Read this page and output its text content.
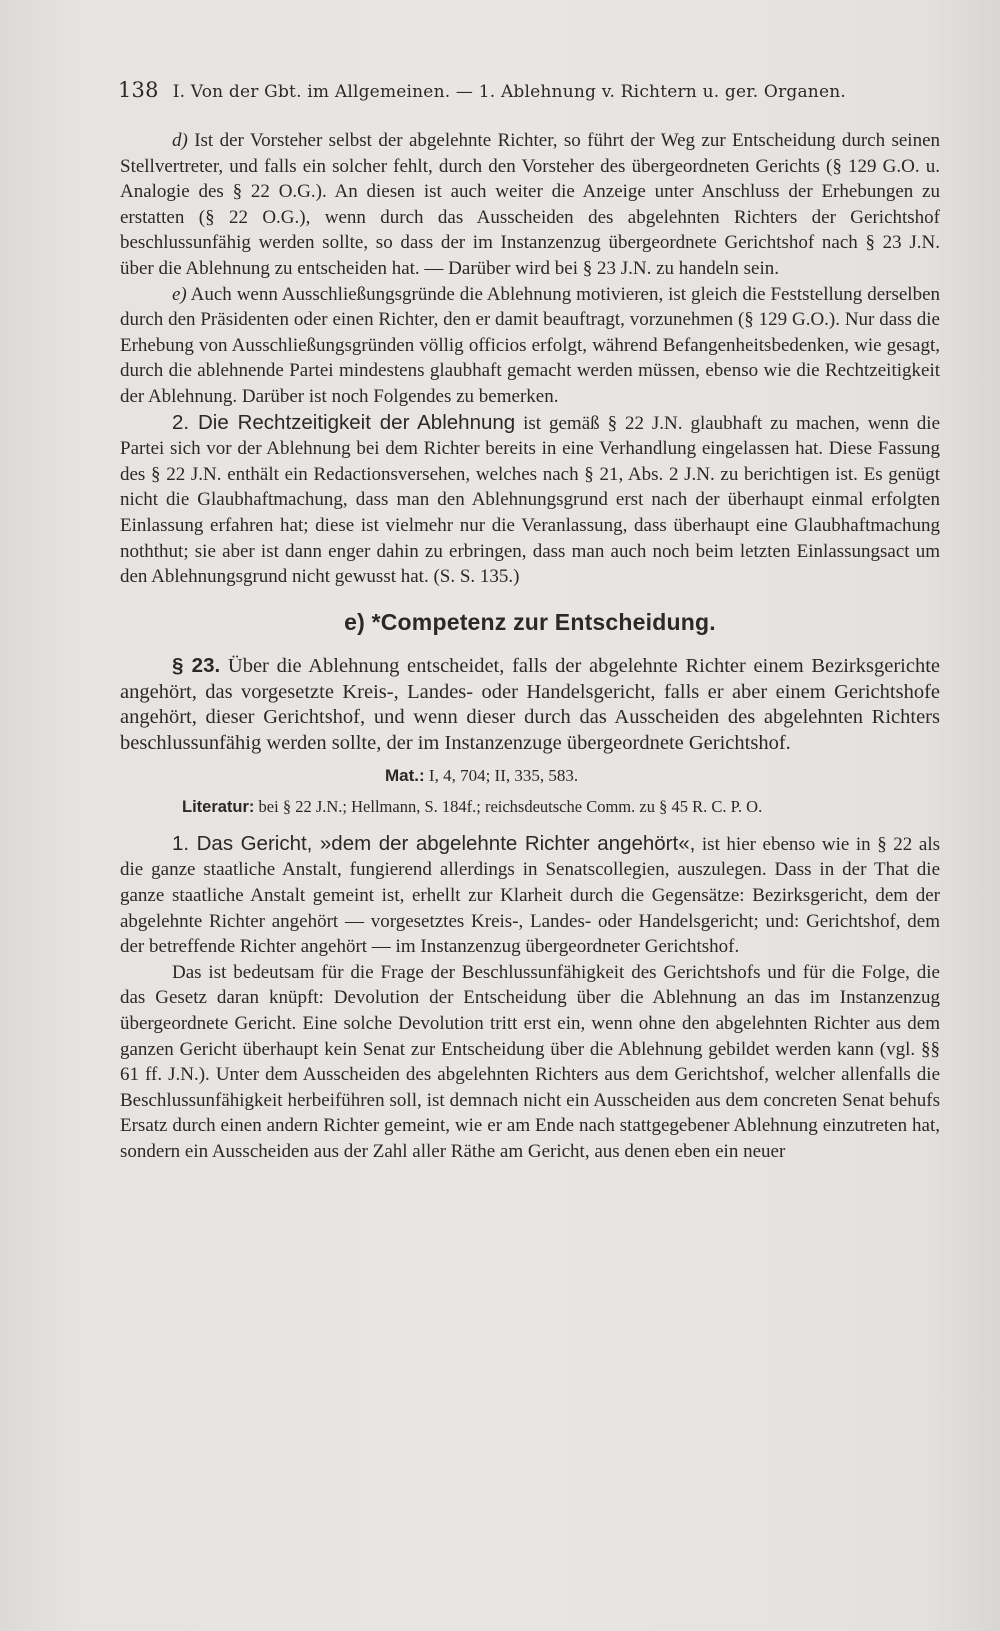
138 I. Von der Gbt. im Allgemeinen. — 1. Ablehnung v. Richtern u. ger. Organen.

d) Ist der Vorsteher selbst der abgelehnte Richter, so führt der Weg zur Entscheidung durch seinen Stellvertreter, und falls ein solcher fehlt, durch den Vorsteher des übergeordneten Gerichts (§ 129 G.O. u. Analogie des § 22 O.G.). An diesen ist auch weiter die Anzeige unter Anschluss der Erhebungen zu erstatten (§ 22 O.G.), wenn durch das Ausscheiden des abgelehnten Richters der Gerichtshof beschlussunfähig werden sollte, so dass der im Instanzenzug übergeordnete Gerichtshof nach § 23 J.N. über die Ablehnung zu entscheiden hat. — Darüber wird bei § 23 J.N. zu handeln sein.

e) Auch wenn Ausschließungsgründe die Ablehnung motivieren, ist gleich die Feststellung derselben durch den Präsidenten oder einen Richter, den er damit beauftragt, vorzunehmen (§ 129 G.O.). Nur dass die Erhebung von Ausschließungsgründen völlig officios erfolgt, während Befangenheitsbedenken, wie gesagt, durch die ablehnende Partei mindestens glaubhaft gemacht werden müssen, ebenso wie die Rechtzeitigkeit der Ablehnung. Darüber ist noch Folgendes zu bemerken.

2. Die Rechtzeitigkeit der Ablehnung ist gemäß § 22 J.N. glaubhaft zu machen, wenn die Partei sich vor der Ablehnung bei dem Richter bereits in eine Verhandlung eingelassen hat. Diese Fassung des § 22 J.N. enthält ein Redactionsversehen, welches nach § 21, Abs. 2 J.N. zu berichtigen ist. Es genügt nicht die Glaubhaftmachung, dass man den Ablehnungsgrund erst nach der überhaupt einmal erfolgten Einlassung erfahren hat; diese ist vielmehr nur die Veranlassung, dass überhaupt eine Glaubhaftmachung noththut; sie aber ist dann enger dahin zu erbringen, dass man auch noch beim letzten Einlassungsact um den Ablehnungsgrund nicht gewusst hat. (S. S. 135.)

e) *Competenz zur Entscheidung.

§ 23. Über die Ablehnung entscheidet, falls der abgelehnte Richter einem Bezirksgerichte angehört, das vorgesetzte Kreis-, Landes- oder Handelsgericht, falls er aber einem Gerichtshofe angehört, dieser Gerichtshof, und wenn dieser durch das Ausscheiden des abgelehnten Richters beschlussunfähig werden sollte, der im Instanzenzuge übergeordnete Gerichtshof.

Mat.: I, 4, 704; II, 335, 583.

Literatur: bei § 22 J.N.; Hellmann, S. 184f.; reichsdeutsche Comm. zu § 45 R. C. P. O.

1. Das Gericht, »dem der abgelehnte Richter angehört«, ist hier ebenso wie in § 22 als die ganze staatliche Anstalt, fungierend allerdings in Senatscollegien, auszulegen. Dass in der That die ganze staatliche Anstalt gemeint ist, erhellt zur Klarheit durch die Gegensätze: Bezirksgericht, dem der abgelehnte Richter angehört — vorgesetztes Kreis-, Landes- oder Handelsgericht; und: Gerichtshof, dem der betreffende Richter angehört — im Instanzenzug übergeordneter Gerichtshof.

Das ist bedeutsam für die Frage der Beschlussunfähigkeit des Gerichtshofs und für die Folge, die das Gesetz daran knüpft: Devolution der Entscheidung über die Ablehnung an das im Instanzenzug übergeordnete Gericht. Eine solche Devolution tritt erst ein, wenn ohne den abgelehnten Richter aus dem ganzen Gericht überhaupt kein Senat zur Entscheidung über die Ablehnung gebildet werden kann (vgl. §§ 61 ff. J.N.). Unter dem Ausscheiden des abgelehnten Richters aus dem Gerichtshof, welcher allenfalls die Beschlussunfähigkeit herbeiführen soll, ist demnach nicht ein Ausscheiden aus dem concreten Senat behufs Ersatz durch einen andern Richter gemeint, wie er am Ende nach stattgegebener Ablehnung einzutreten hat, sondern ein Ausscheiden aus der Zahl aller Räthe am Gericht, aus denen eben ein neuer
